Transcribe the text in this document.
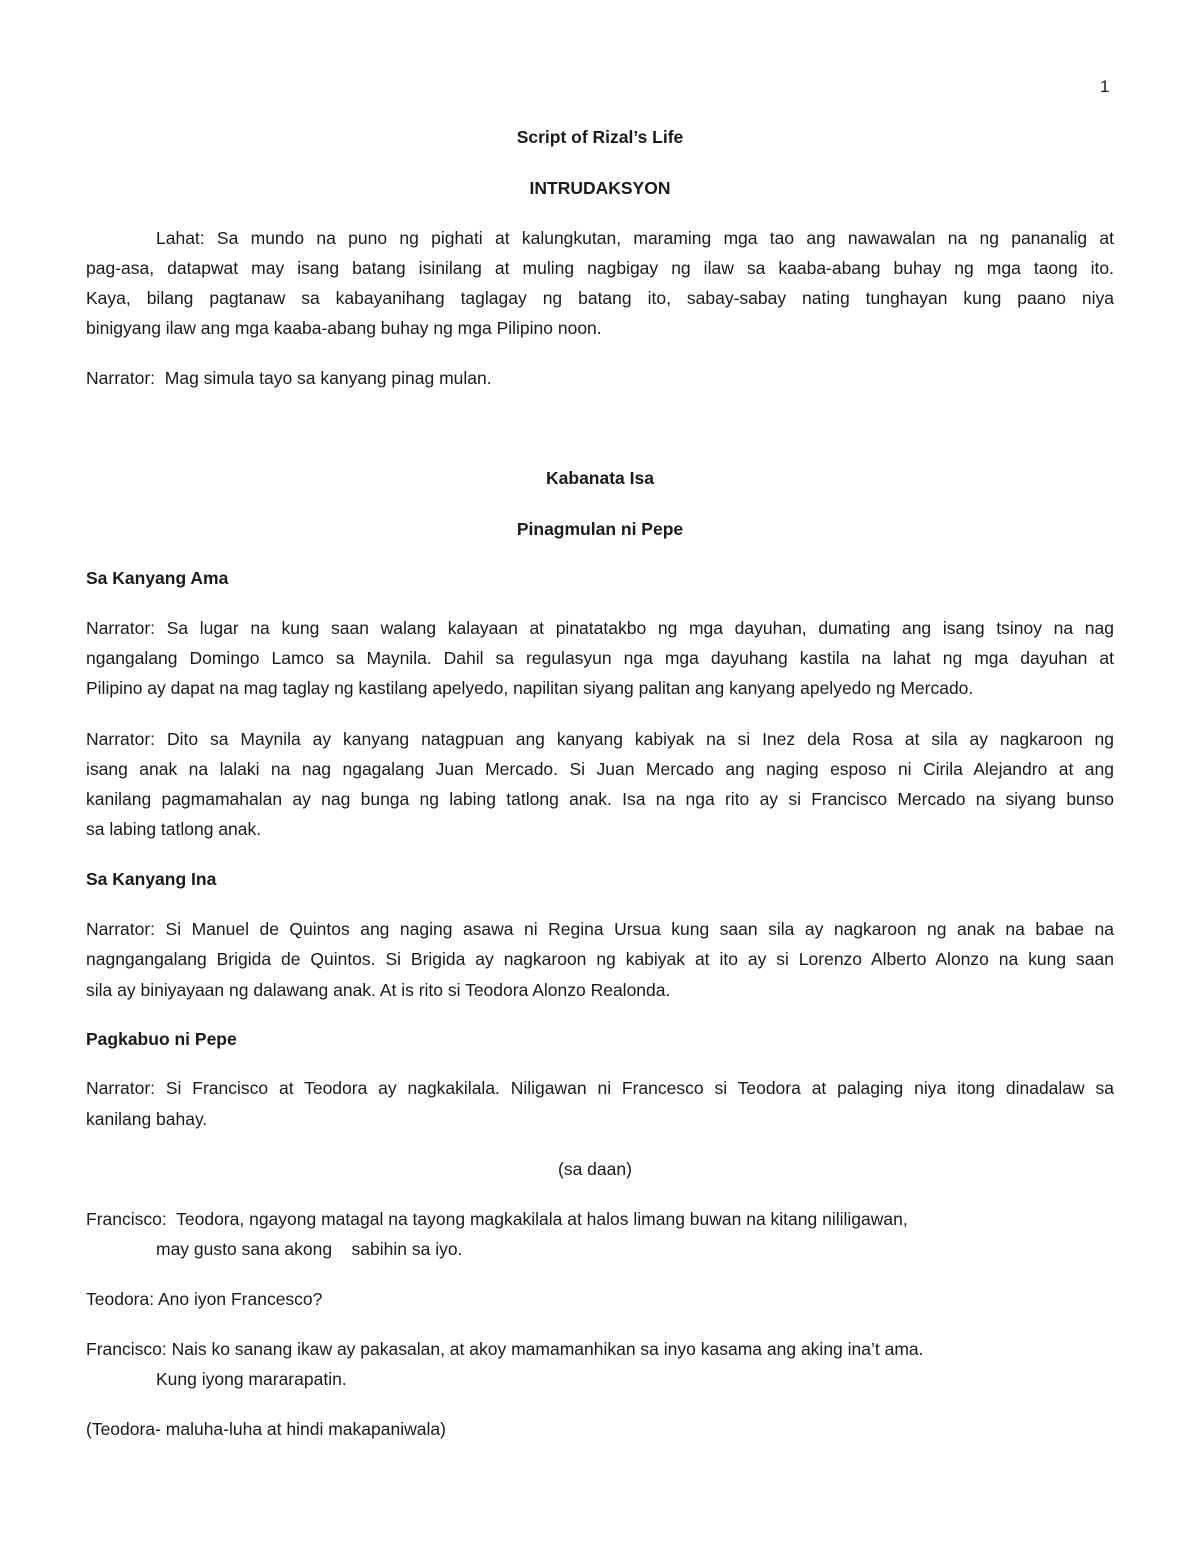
1
Script of Rizal’s Life
INTRUDAKSYON
Lahat: Sa mundo na puno ng pighati at kalungkutan, maraming mga tao ang nawawalan na ng pananalig at
pag-asa, datapwat may isang batang isinilang at muling nagbigay ng ilaw sa kaaba-abang buhay ng mga taong ito.
Kaya, bilang pagtanaw sa kabayanihang taglagay ng batang ito, sabay-sabay nating tunghayan kung paano niya
binigyang ilaw ang mga kaaba-abang buhay ng mga Pilipino noon.
Narrator:  Mag simula tayo sa kanyang pinag mulan.
Kabanata Isa
Pinagmulan ni Pepe
Sa Kanyang Ama
Narrator: Sa lugar na kung saan walang kalayaan at pinatatakbo ng mga dayuhan, dumating ang isang tsinoy na nag
ngangalang Domingo Lamco sa Maynila. Dahil sa regulasyun nga mga dayuhang kastila na lahat ng mga dayuhan at
Pilipino ay dapat na mag taglay ng kastilang apelyedo, napilitan siyang palitan ang kanyang apelyedo ng Mercado.
Narrator: Dito sa Maynila ay kanyang natagpuan ang kanyang kabiyak na si Inez dela Rosa at sila ay nagkaroon ng
isang anak na lalaki na nag ngagalang Juan Mercado. Si Juan Mercado ang naging esposo ni Cirila Alejandro at ang
kanilang pagmamahalan ay nag bunga ng labing tatlong anak. Isa na nga rito ay si Francisco Mercado na siyang bunso
sa labing tatlong anak.
Sa Kanyang Ina
Narrator: Si Manuel de Quintos ang naging asawa ni Regina Ursua kung saan sila ay nagkaroon ng anak na babae na
nagngangalang Brigida de Quintos. Si Brigida ay nagkaroon ng kabiyak at ito ay si Lorenzo Alberto Alonzo na kung saan
sila ay biniyayaan ng dalawang anak. At is rito si Teodora Alonzo Realonda.
Pagkabuo ni Pepe
Narrator: Si Francisco at Teodora ay nagkakilala. Niligawan ni Francesco si Teodora at palaging niya itong dinadalaw sa
kanilang bahay.
(sa daan)
Francisco:  Teodora, ngayong matagal na tayong magkakilala at halos limang buwan na kitang nililigawan,
may gusto sana akong    sabihin sa iyo.
Teodora: Ano iyon Francesco?
Francisco: Nais ko sanang ikaw ay pakasalan, at akoy mamamanhikan sa inyo kasama ang aking ina’t ama.
Kung iyong mararapatin.
(Teodora- maluha-luha at hindi makapaniwala)
